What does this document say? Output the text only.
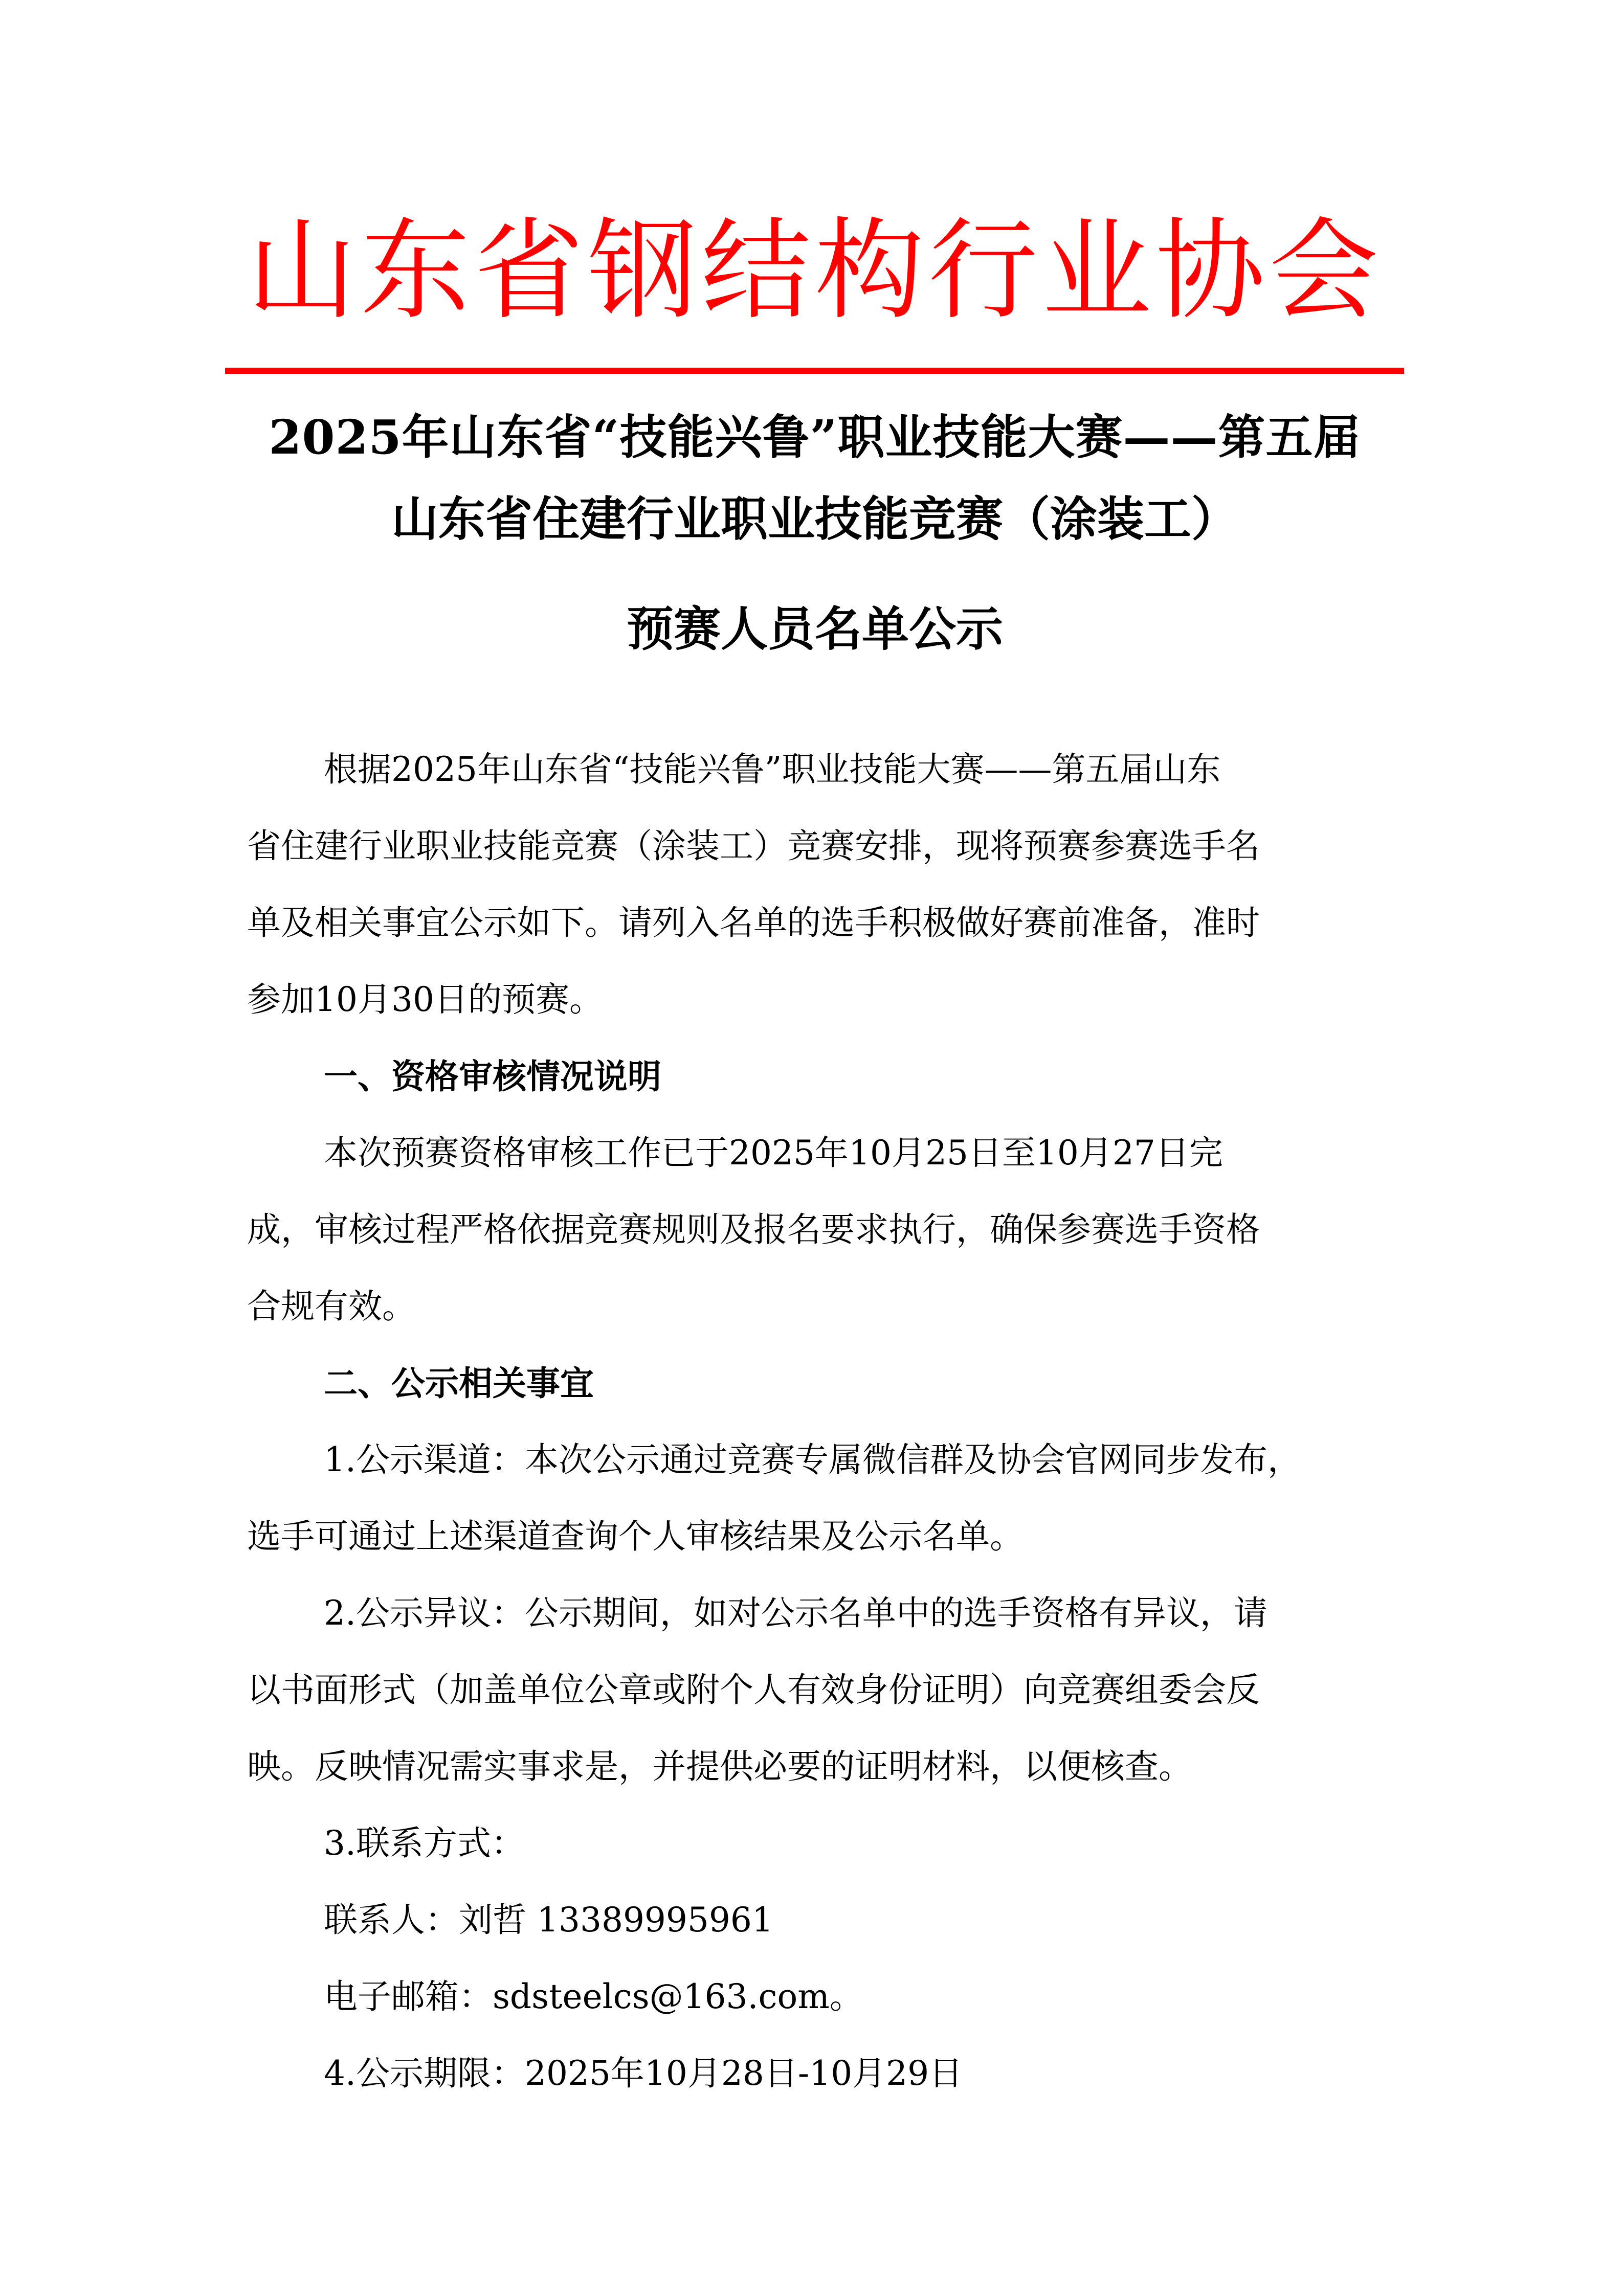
山东省钢结构行业协会
2025年山东省“技能兴鲁”职业技能大赛——第五届
山东省住建行业职业技能竞赛（涂装工）
预赛人员名单公示
根据2025年山东省“技能兴鲁”职业技能大赛——第五届山东
省住建行业职业技能竞赛（涂装工）竞赛安排，现将预赛参赛选手名
单及相关事宜公示如下。请列入名单的选手积极做好赛前准备，准时
参加10月30日的预赛。
一、资格审核情况说明
本次预赛资格审核工作已于2025年10月25日至10月27日完
成，审核过程严格依据竞赛规则及报名要求执行，确保参赛选手资格
合规有效。
二、公示相关事宜
1.公示渠道：本次公示通过竞赛专属微信群及协会官网同步发布，
选手可通过上述渠道查询个人审核结果及公示名单。
2.公示异议：公示期间，如对公示名单中的选手资格有异议，请
以书面形式（加盖单位公章或附个人有效身份证明）向竞赛组委会反
映。反映情况需实事求是，并提供必要的证明材料，以便核查。
3.联系方式：
联系人：刘哲 13389995961
电子邮箱：sdsteelcs@163.com。
4.公示期限：2025年10月28日-10月29日
